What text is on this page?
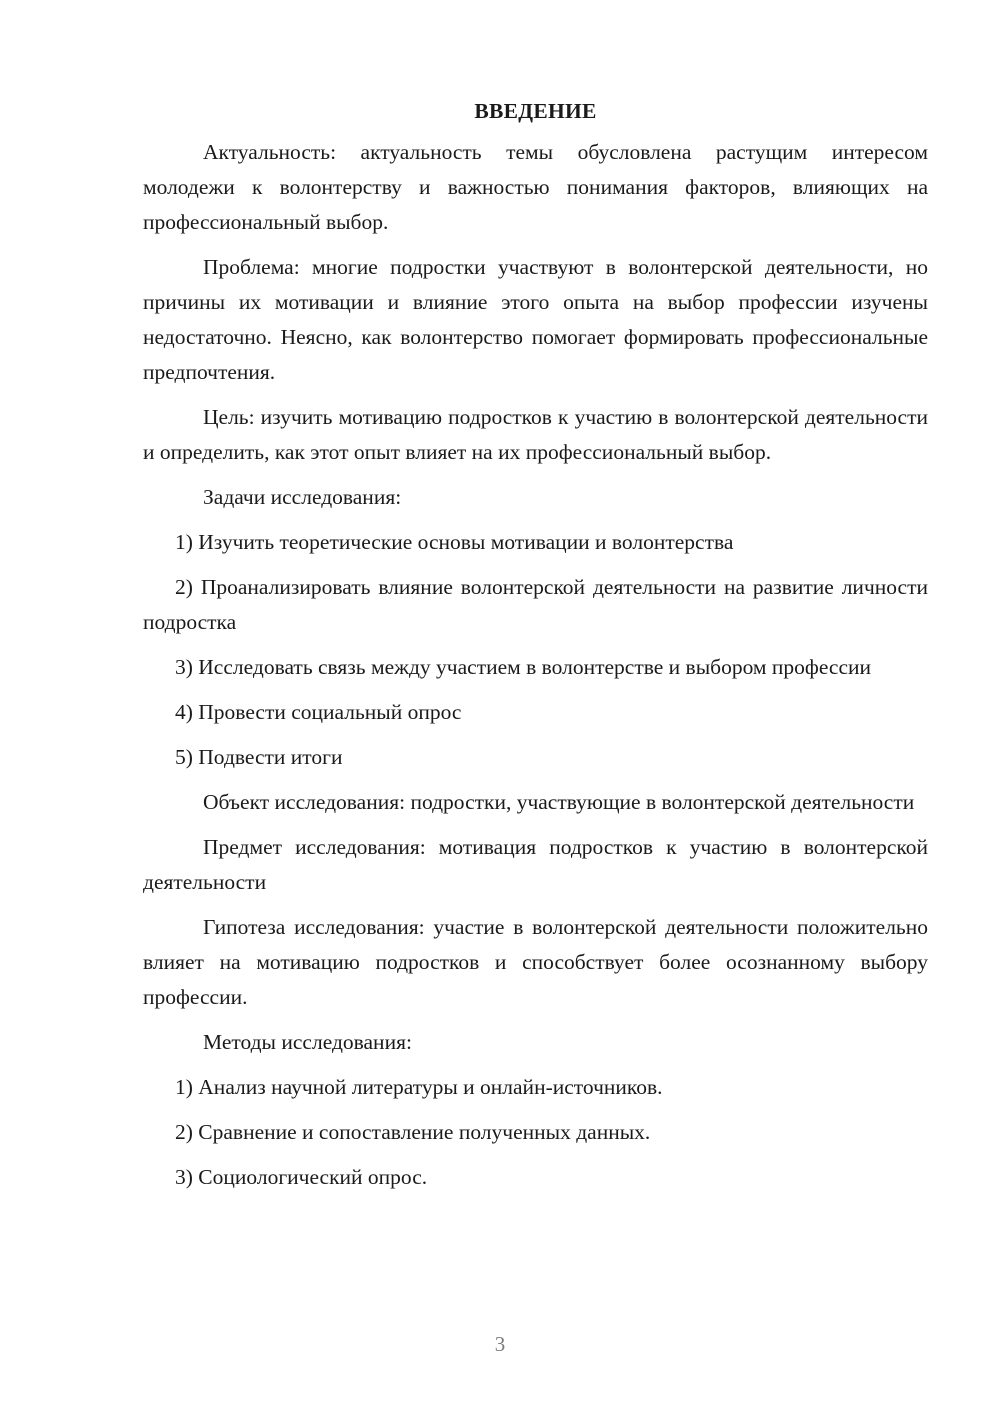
ВВЕДЕНИЕ

Актуальность: актуальность темы обусловлена растущим интересом молодежи к волонтерству и важностью понимания факторов, влияющих на профессиональный выбор.

Проблема: многие подростки участвуют в волонтерской деятельности, но причины их мотивации и влияние этого опыта на выбор профессии изучены недостаточно. Неясно, как волонтерство помогает формировать профессиональные предпочтения.

Цель: изучить мотивацию подростков к участию в волонтерской деятельности и определить, как этот опыт влияет на их профессиональный выбор.

Задачи исследования:

1) Изучить теоретические основы мотивации и волонтерства

2) Проанализировать влияние волонтерской деятельности на развитие личности подростка

3) Исследовать связь между участием в волонтерстве и выбором профессии

4) Провести социальный опрос

5) Подвести итоги

Объект исследования: подростки, участвующие в волонтерской деятельности

Предмет исследования: мотивация подростков к участию в волонтерской деятельности

Гипотеза исследования: участие в волонтерской деятельности положительно влияет на мотивацию подростков и способствует более осознанному выбору профессии.

Методы исследования:

1) Анализ научной литературы и онлайн-источников.

2) Сравнение и сопоставление полученных данных.

3) Социологический опрос.

3
